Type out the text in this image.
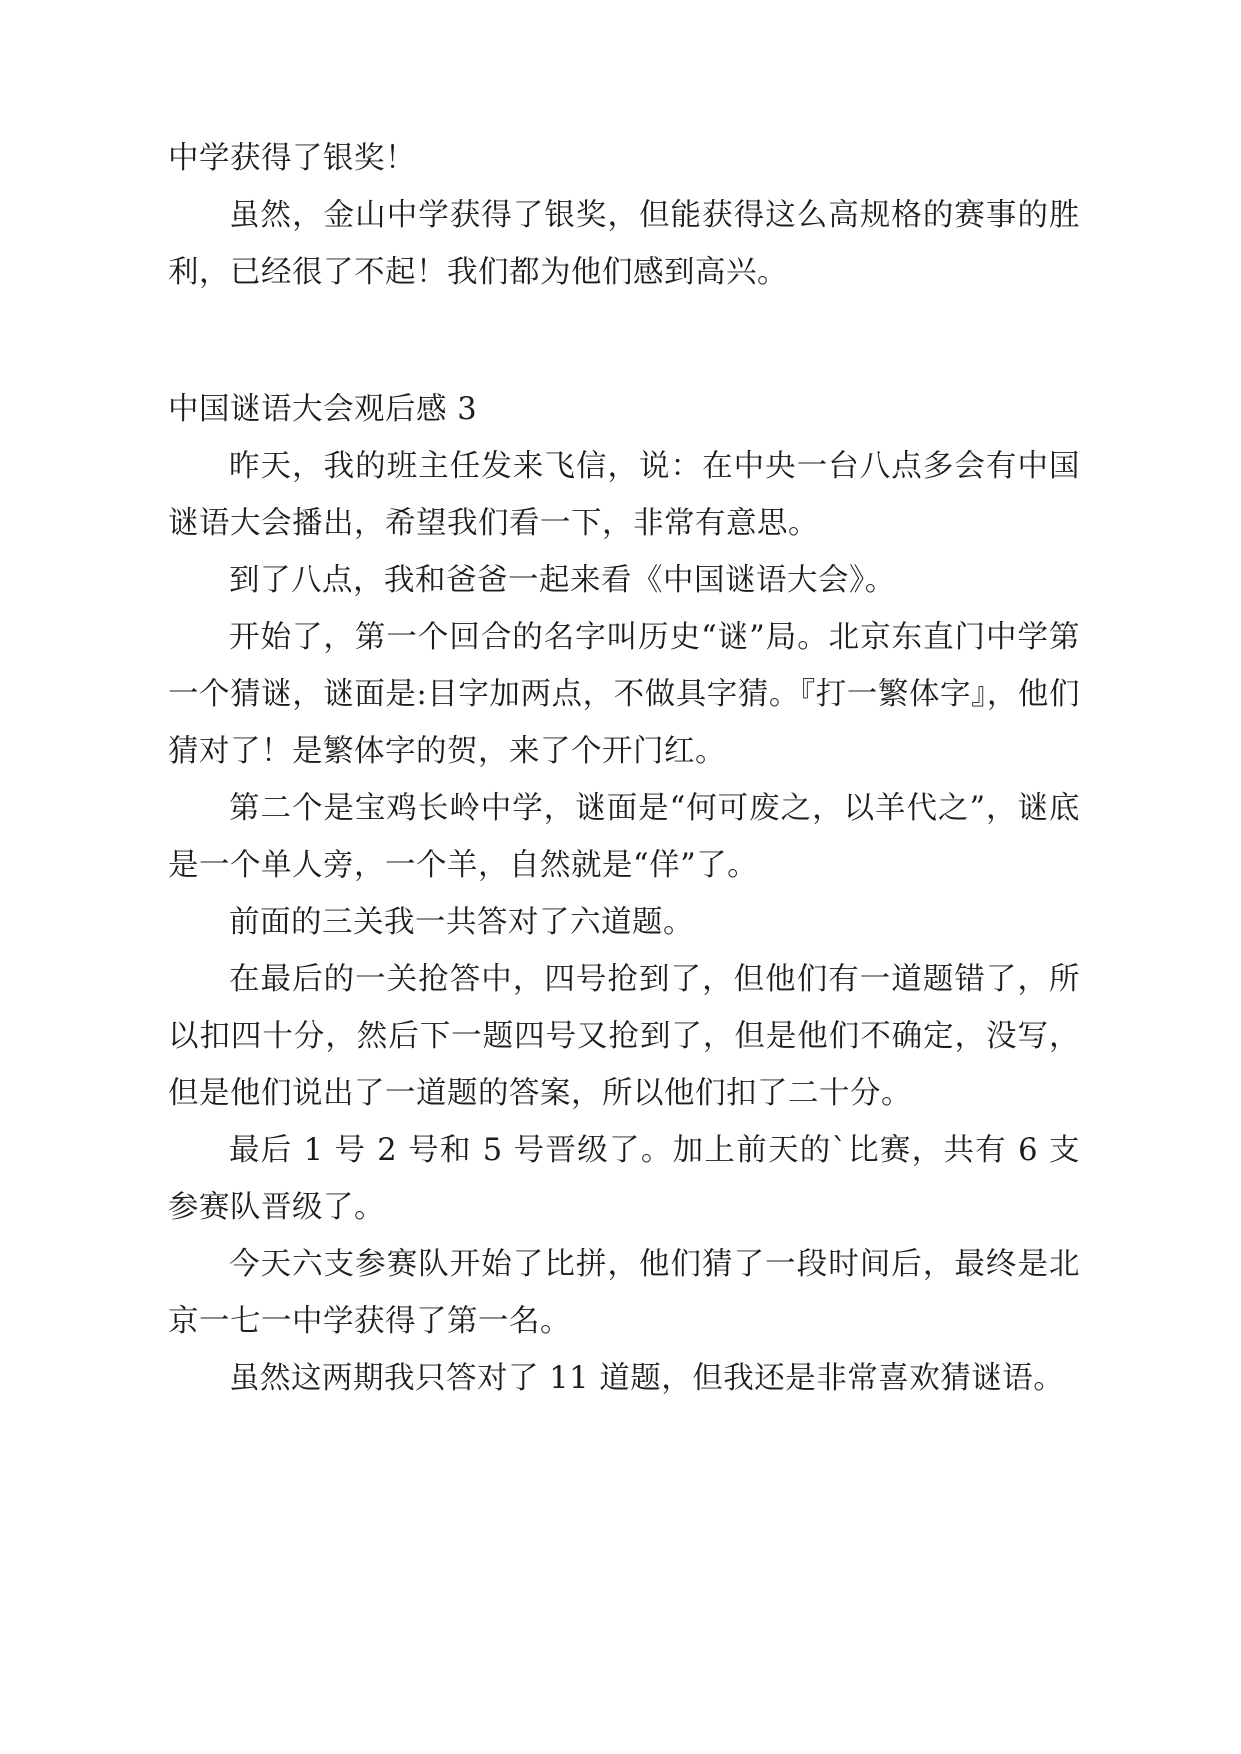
中学获得了银奖！

虽然，金山中学获得了银奖，但能获得这么高规格的赛事的胜利，已经很了不起！我们都为他们感到高兴。

中国谜语大会观后感 3

昨天，我的班主任发来飞信，说：在中央一台八点多会有中国谜语大会播出，希望我们看一下，非常有意思。

到了八点，我和爸爸一起来看《中国谜语大会》。

开始了，第一个回合的名字叫历史“谜”局。北京东直门中学第一个猜谜，谜面是:目字加两点，不做具字猜。『打一繁体字』，他们猜对了！是繁体字的贺，来了个开门红。

第二个是宝鸡长岭中学，谜面是“何可废之，以羊代之”，谜底是一个单人旁，一个羊，自然就是“佯”了。

前面的三关我一共答对了六道题。

在最后的一关抢答中，四号抢到了，但他们有一道题错了，所以扣四十分，然后下一题四号又抢到了，但是他们不确定，没写，但是他们说出了一道题的答案，所以他们扣了二十分。

最后 1 号 2 号和 5 号晋级了。加上前天的`比赛，共有 6 支参赛队晋级了。

今天六支参赛队开始了比拼，他们猜了一段时间后，最终是北京一七一中学获得了第一名。

虽然这两期我只答对了 11 道题，但我还是非常喜欢猜谜语。
